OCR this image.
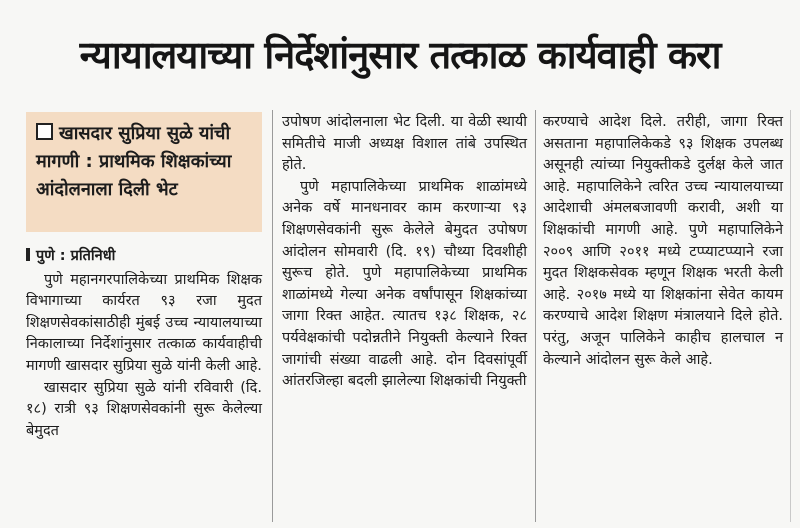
न्यायालयाच्या निर्देशांनुसार तत्काळ कार्यवाही करा
खासदार सुप्रिया सुळे यांची मागणी : प्राथमिक शिक्षकांच्या आंदोलनाला दिली भेट
पुणे : प्रतिनिधी

पुणे महानगरपालिकेच्या प्राथमिक शिक्षक विभागाच्या कार्यरत ९३ रजा मुदत शिक्षणसेवकांसाठीही मुंबई उच्च न्यायालयाच्या निकालाच्या निर्देशांनुसार तत्काळ कार्यवाहीची मागणी खासदार सुप्रिया सुळे यांनी केली आहे.

खासदार सुप्रिया सुळे यांनी रविवारी (दि. १८) रात्री ९३ शिक्षणसेवकांनी सुरू केलेल्या बेमुदत

उपोषण आंदोलनाला भेट दिली. या वेळी स्थायी समितीचे माजी अध्यक्ष विशाल तांबे उपस्थित होते.

पुणे महापालिकेच्या प्राथमिक शाळांमध्ये अनेक वर्षे मानधनावर काम करणाऱ्या ९३ शिक्षणसेवकांनी सुरू केलेले बेमुदत उपोषण आंदोलन सोमवारी (दि. १९) चौथ्या दिवशीही सुरूच होते. पुणे महापालिकेच्या प्राथमिक शाळांमध्ये गेल्या अनेक वर्षांपासून शिक्षकांच्या जागा रिक्त आहेत. त्यातच १३८ शिक्षक, २८ पर्यवेक्षकांची पदोन्नतीने नियुक्ती केल्याने रिक्त जागांची संख्या वाढली आहे. दोन दिवसांपूर्वी आंतरजिल्हा बदली झालेल्या शिक्षकांची नियुक्ती

करण्याचे आदेश दिले. तरीही, जागा रिक्त असताना महापालिकेकडे ९३ शिक्षक उपलब्ध असूनही त्यांच्या नियुक्तीकडे दुर्लक्ष केले जात आहे. महापालिकेने त्वरित उच्च न्यायालयाच्या आदेशाची अंमलबजावणी करावी, अशी या शिक्षकांची मागणी आहे. पुणे महापालिकेने २००९ आणि २०११ मध्ये टप्प्याटप्प्याने रजा मुदत शिक्षकसेवक म्हणून शिक्षक भरती केली आहे. २०१७ मध्ये या शिक्षकांना सेवेत कायम करण्याचे आदेश शिक्षण मंत्रालयाने दिले होते. परंतु, अजून पालिकेने काहीच हालचाल न केल्याने आंदोलन सुरू केले आहे.
